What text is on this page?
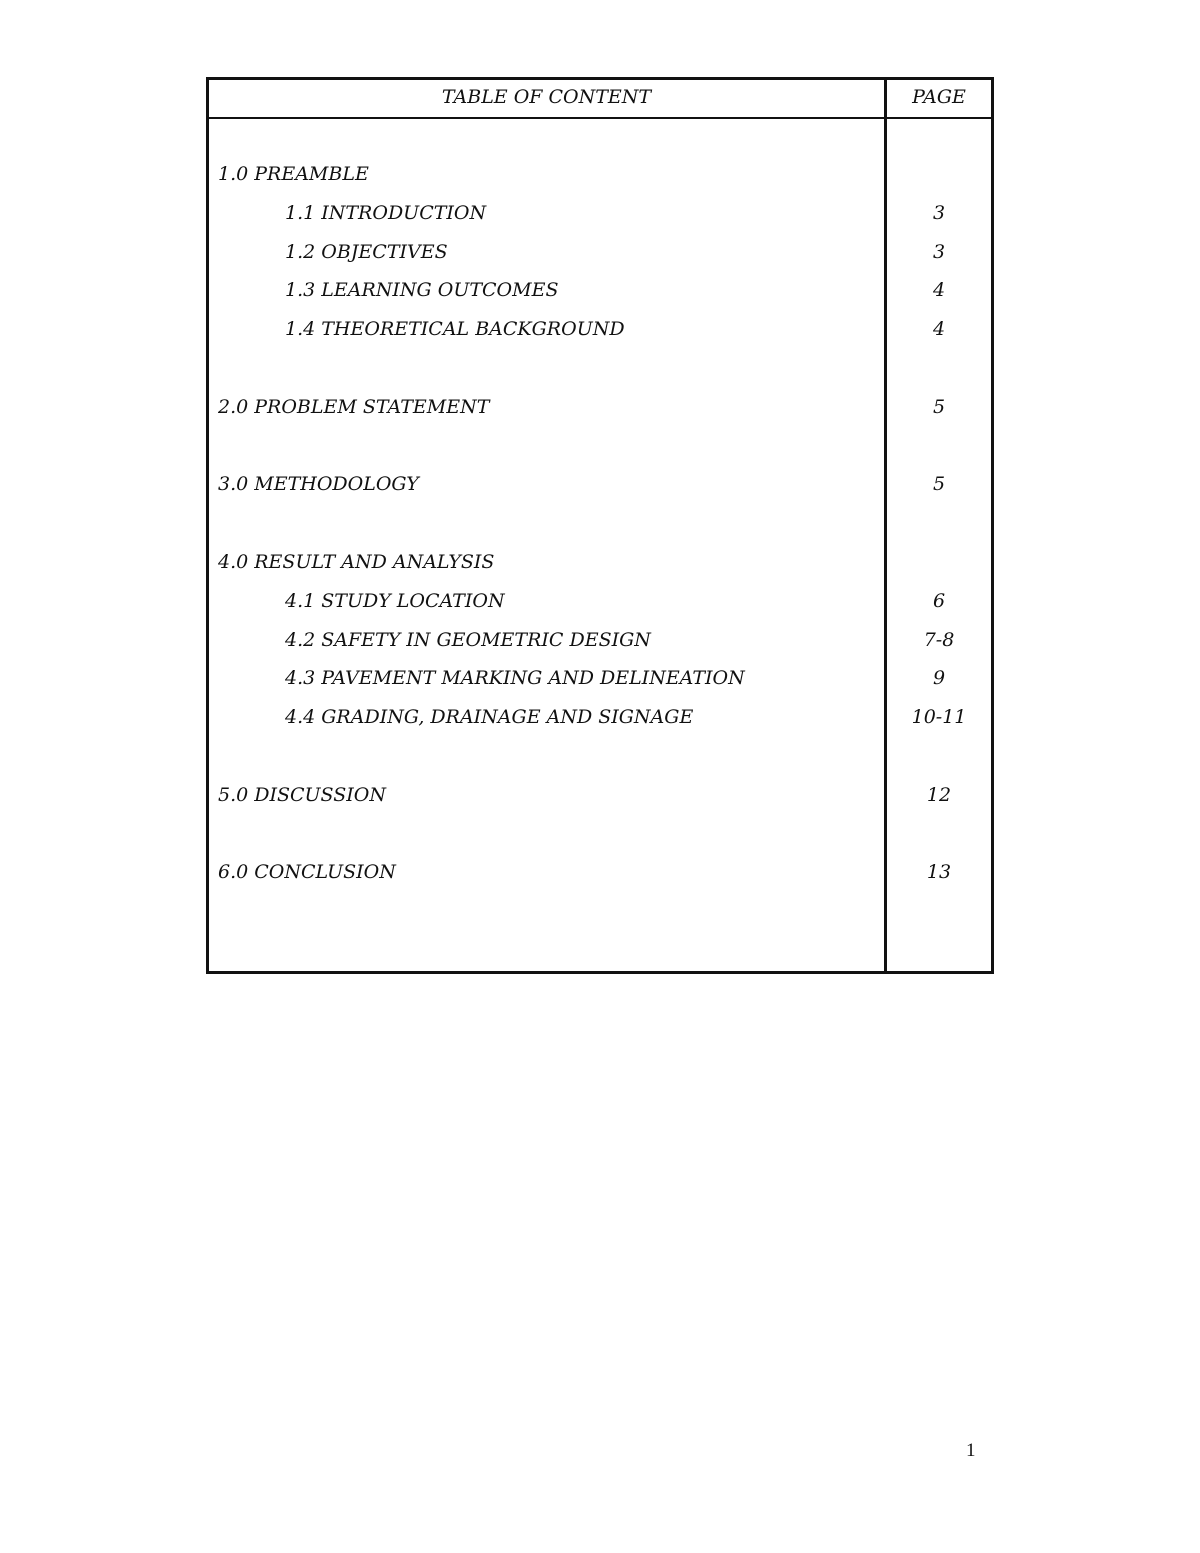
TABLE OF CONTENT	PAGE
1.0 PREAMBLE
1.1 INTRODUCTION	3
1.2 OBJECTIVES	3
1.3 LEARNING OUTCOMES	4
1.4 THEORETICAL BACKGROUND	4
2.0 PROBLEM STATEMENT	5
3.0 METHODOLOGY	5
4.0 RESULT AND ANALYSIS
4.1 STUDY LOCATION	6
4.2 SAFETY IN GEOMETRIC DESIGN	7-8
4.3 PAVEMENT MARKING AND DELINEATION	9
4.4 GRADING, DRAINAGE AND SIGNAGE	10-11
5.0 DISCUSSION	12
6.0 CONCLUSION	13
1
